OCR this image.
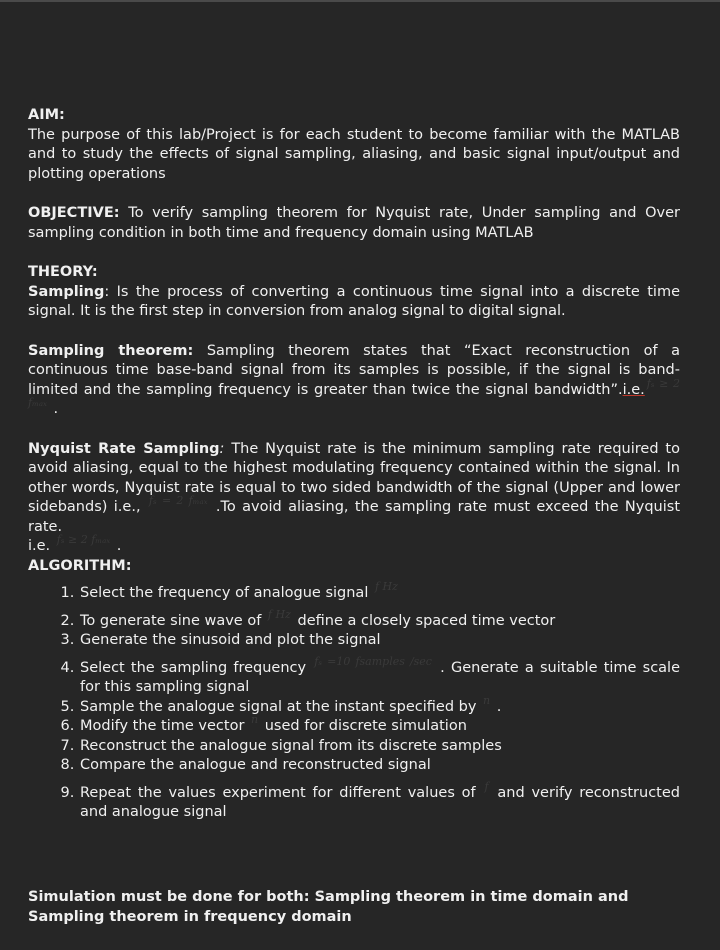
AIM:

The purpose of this lab/Project is for each student to become familiar with the MATLAB and to study the effects of signal sampling, aliasing, and basic signal input/output and plotting operations

OBJECTIVE: To verify sampling theorem for Nyquist rate, Under sampling and Over sampling condition in both time and frequency domain using MATLAB
THEORY:

Sampling: Is the process of converting a continuous time signal into a discrete time signal. It is the first step in conversion from analog signal to digital signal.

Sampling theorem: Sampling theorem states that “Exact reconstruction of a continuous time base-band signal from its samples is possible, if the signal is band-limited and the sampling frequency is greater than twice the signal bandwidth”.i.e. $^{f_s \ge 2 f_{max}}$ .

Nyquist Rate Sampling: The Nyquist rate is the minimum sampling rate required to avoid aliasing, equal to the highest modulating frequency contained within the signal. In other words, Nyquist rate is equal to two sided bandwidth of the signal (Upper and lower sidebands) i.e., $^{f_s = 2 f_{max}}$ .To avoid aliasing, the sampling rate must exceed the Nyquist rate.

i.e. $^{f_s \ge 2 f_{max}}$ .

ALGORITHM:
1. Select the frequency of analogue signal $^{f Hz}$
2. To generate sine wave of $^{f Hz}$ define a closely spaced time vector
3. Generate the sinusoid and plot the signal
4. Select the sampling frequency $^{f_s =10 fsamples /sec}$ . Generate a suitable time scale for this sampling signal
5. Sample the analogue signal at the instant specified by $^n$ .
6. Modify the time vector $^n$ used for discrete simulation
7. Reconstruct the analogue signal from its discrete samples
8. Compare the analogue and reconstructed signal
9. Repeat the values experiment for different values of $^f$ and verify reconstructed and analogue signal
Simulation must be done for both: Sampling theorem in time domain and Sampling theorem in frequency domain
